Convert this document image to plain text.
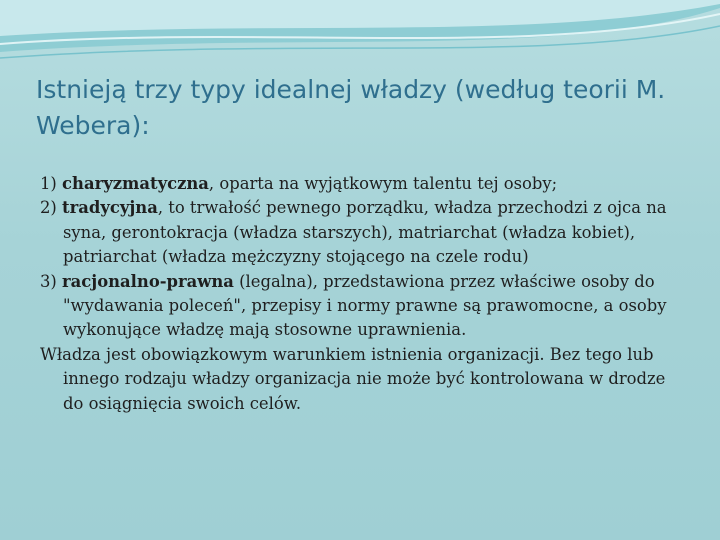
Istnieją trzy typy idealnej władzy (według teorii M. Webera):

1) charyzmatyczna, oparta na wyjątkowym talentu tej osoby;

2) tradycyjna, to trwałość pewnego porządku, władza przechodzi z ojca na syna, gerontokracja (władza starszych), matriarchat (władza kobiet), patriarchat (władza mężczyzny stojącego na czele rodu)

3) racjonalno-prawna (legalna), przedstawiona przez właściwe osoby do "wydawania poleceń", przepisy i normy prawne są prawomocne, a osoby wykonujące władzę mają stosowne uprawnienia.

Władza jest obowiązkowym warunkiem istnienia organizacji. Bez tego lub innego rodzaju władzy organizacja nie może być kontrolowana w drodze do osiągnięcia swoich celów.
